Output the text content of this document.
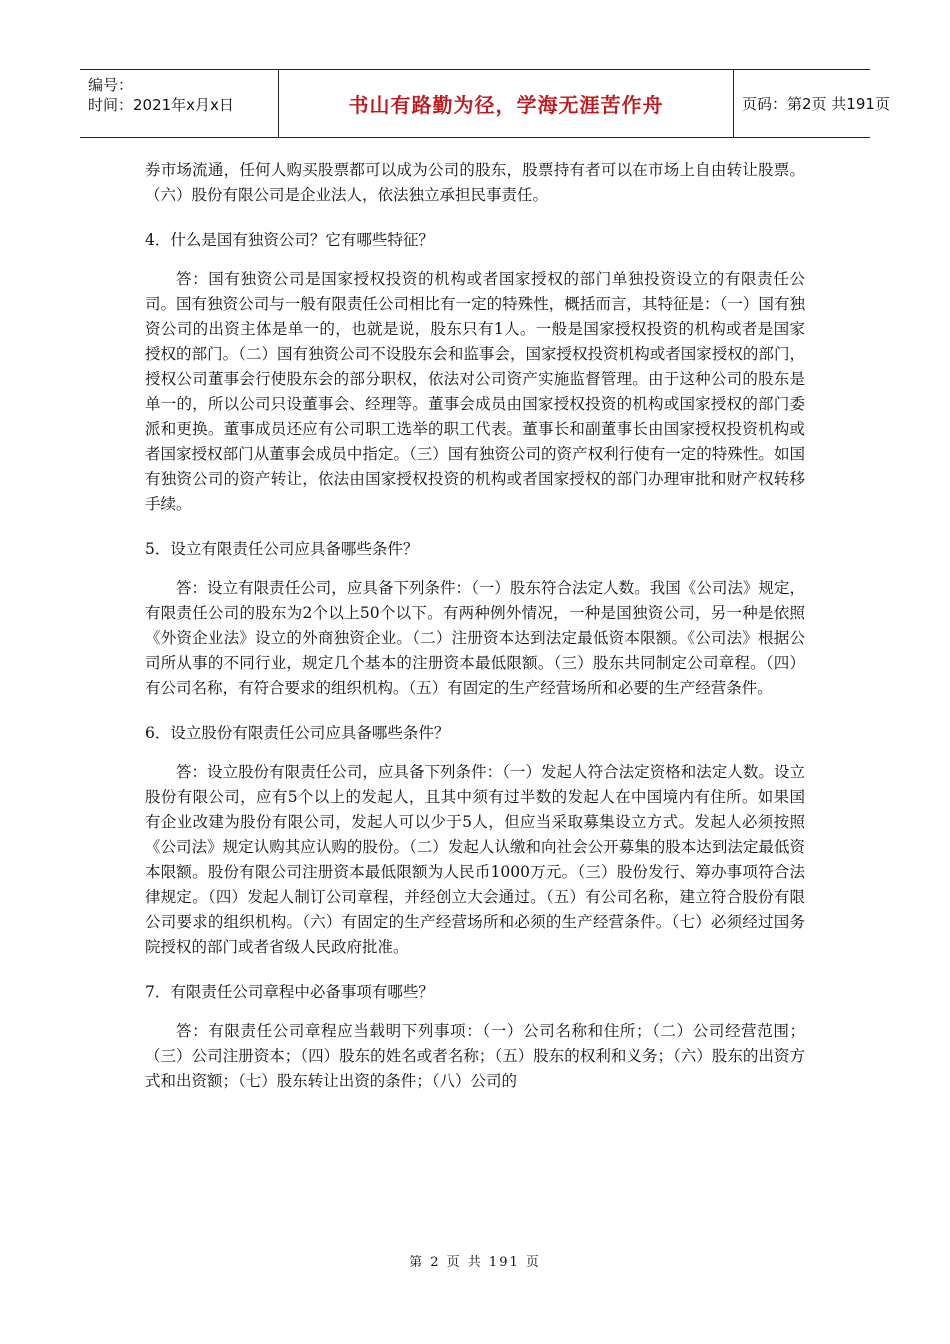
编号：
时间：2021年x月x日	书山有路勤为径，学海无涯苦作舟	页码：第2页 共191页

券市场流通，任何人购买股票都可以成为公司的股东，股票持有者可以在市场上自由转让股票。（六）股份有限公司是企业法人，依法独立承担民事责任。

4．什么是国有独资公司？它有哪些特征？

答：国有独资公司是国家授权投资的机构或者国家授权的部门单独投资设立的有限责任公司。国有独资公司与一般有限责任公司相比有一定的特殊性，概括而言，其特征是：（一）国有独资公司的出资主体是单一的，也就是说，股东只有1人。一般是国家授权投资的机构或者是国家授权的部门。（二）国有独资公司不设股东会和监事会，国家授权投资机构或者国家授权的部门，授权公司董事会行使股东会的部分职权，依法对公司资产实施监督管理。由于这种公司的股东是单一的，所以公司只设董事会、经理等。董事会成员由国家授权投资的机构或国家授权的部门委派和更换。董事成员还应有公司职工选举的职工代表。董事长和副董事长由国家授权投资机构或者国家授权部门从董事会成员中指定。（三）国有独资公司的资产权利行使有一定的特殊性。如国有独资公司的资产转让，依法由国家授权投资的机构或者国家授权的部门办理审批和财产权转移手续。

5．设立有限责任公司应具备哪些条件？

答：设立有限责任公司，应具备下列条件：（一）股东符合法定人数。我国《公司法》规定，有限责任公司的股东为2个以上50个以下。有两种例外情况，一种是国独资公司，另一种是依照《外资企业法》设立的外商独资企业。（二）注册资本达到法定最低资本限额。《公司法》根据公司所从事的不同行业，规定几个基本的注册资本最低限额。（三）股东共同制定公司章程。（四）有公司名称，有符合要求的组织机构。（五）有固定的生产经营场所和必要的生产经营条件。

6．设立股份有限责任公司应具备哪些条件？

答：设立股份有限责任公司，应具备下列条件：（一）发起人符合法定资格和法定人数。设立股份有限公司，应有5个以上的发起人，且其中须有过半数的发起人在中国境内有住所。如果国有企业改建为股份有限公司，发起人可以少于5人，但应当采取募集设立方式。发起人必须按照《公司法》规定认购其应认购的股份。（二）发起人认缴和向社会公开募集的股本达到法定最低资本限额。股份有限公司注册资本最低限额为人民币1000万元。（三）股份发行、筹办事项符合法律规定。（四）发起人制订公司章程，并经创立大会通过。（五）有公司名称，建立符合股份有限公司要求的组织机构。（六）有固定的生产经营场所和必须的生产经营条件。（七）必须经过国务院授权的部门或者省级人民政府批准。

7．有限责任公司章程中必备事项有哪些？

答：有限责任公司章程应当载明下列事项：（一）公司名称和住所；（二）公司经营范围；（三）公司注册资本；（四）股东的姓名或者名称；（五）股东的权利和义务；（六）股东的出资方式和出资额；（七）股东转让出资的条件；（八）公司的

第 2 页 共 191 页
